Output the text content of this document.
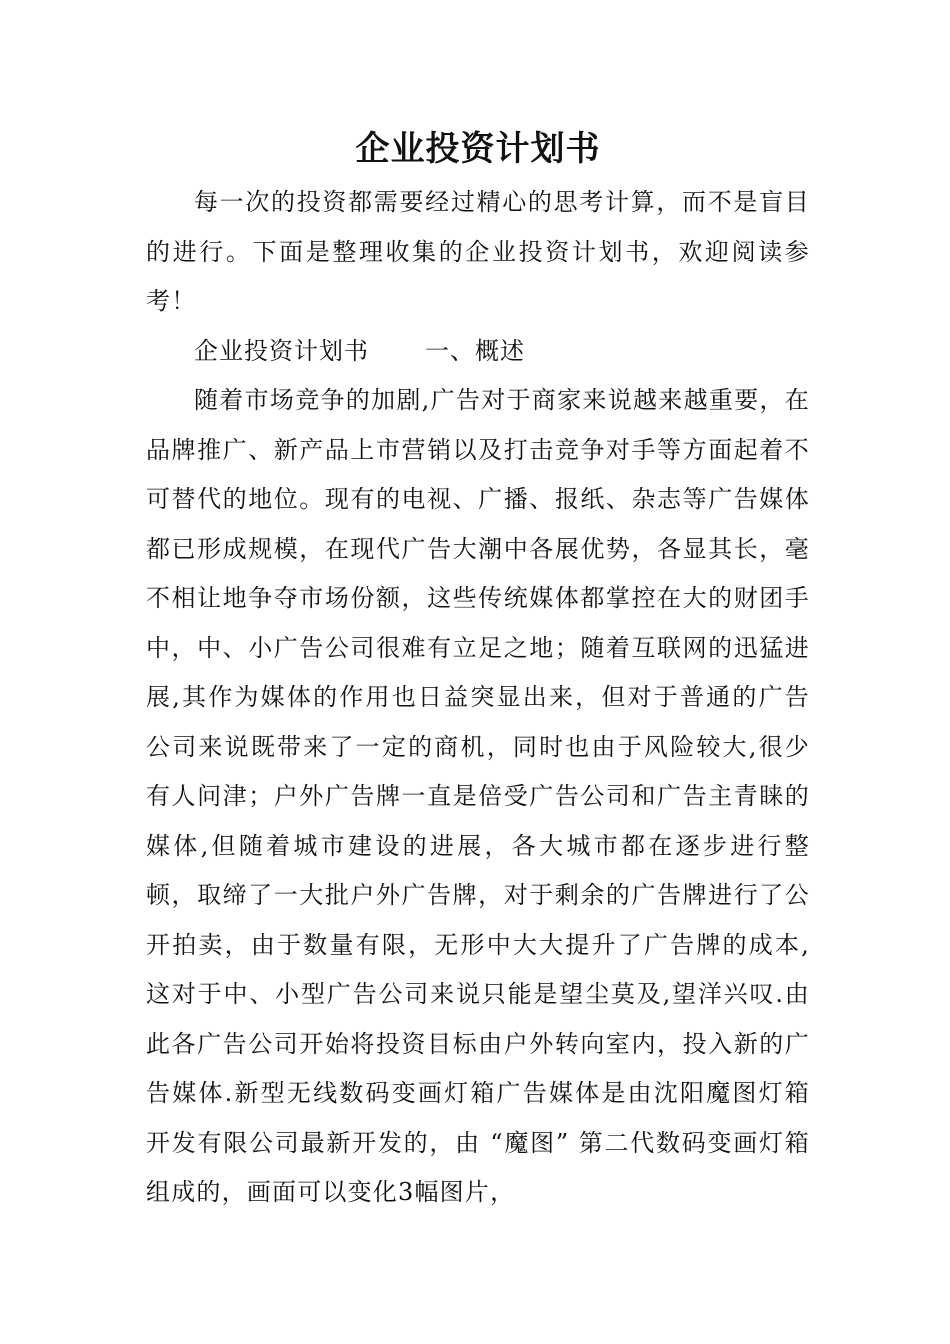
企业投资计划书

每一次的投资都需要经过精心的思考计算，而不是盲目的进行。下面是整理收集的企业投资计划书，欢迎阅读参考！

企业投资计划书 一、概述

随着市场竞争的加剧,广告对于商家来说越来越重要，在品牌推广、新产品上市营销以及打击竞争对手等方面起着不可替代的地位。现有的电视、广播、报纸、杂志等广告媒体都已形成规模，在现代广告大潮中各展优势，各显其长，毫不相让地争夺市场份额，这些传统媒体都掌控在大的财团手中，中、小广告公司很难有立足之地；随着互联网的迅猛进展,其作为媒体的作用也日益突显出来，但对于普通的广告公司来说既带来了一定的商机，同时也由于风险较大,很少有人问津；户外广告牌一直是倍受广告公司和广告主青睐的媒体,但随着城市建设的进展，各大城市都在逐步进行整顿，取缔了一大批户外广告牌，对于剩余的广告牌进行了公开拍卖，由于数量有限，无形中大大提升了广告牌的成本,这对于中、小型广告公司来说只能是望尘莫及,望洋兴叹.由此各广告公司开始将投资目标由户外转向室内，投入新的广告媒体.新型无线数码变画灯箱广告媒体是由沈阳魔图灯箱开发有限公司最新开发的，由 “魔图” 第二代数码变画灯箱组成的，画面可以变化3幅图片，
